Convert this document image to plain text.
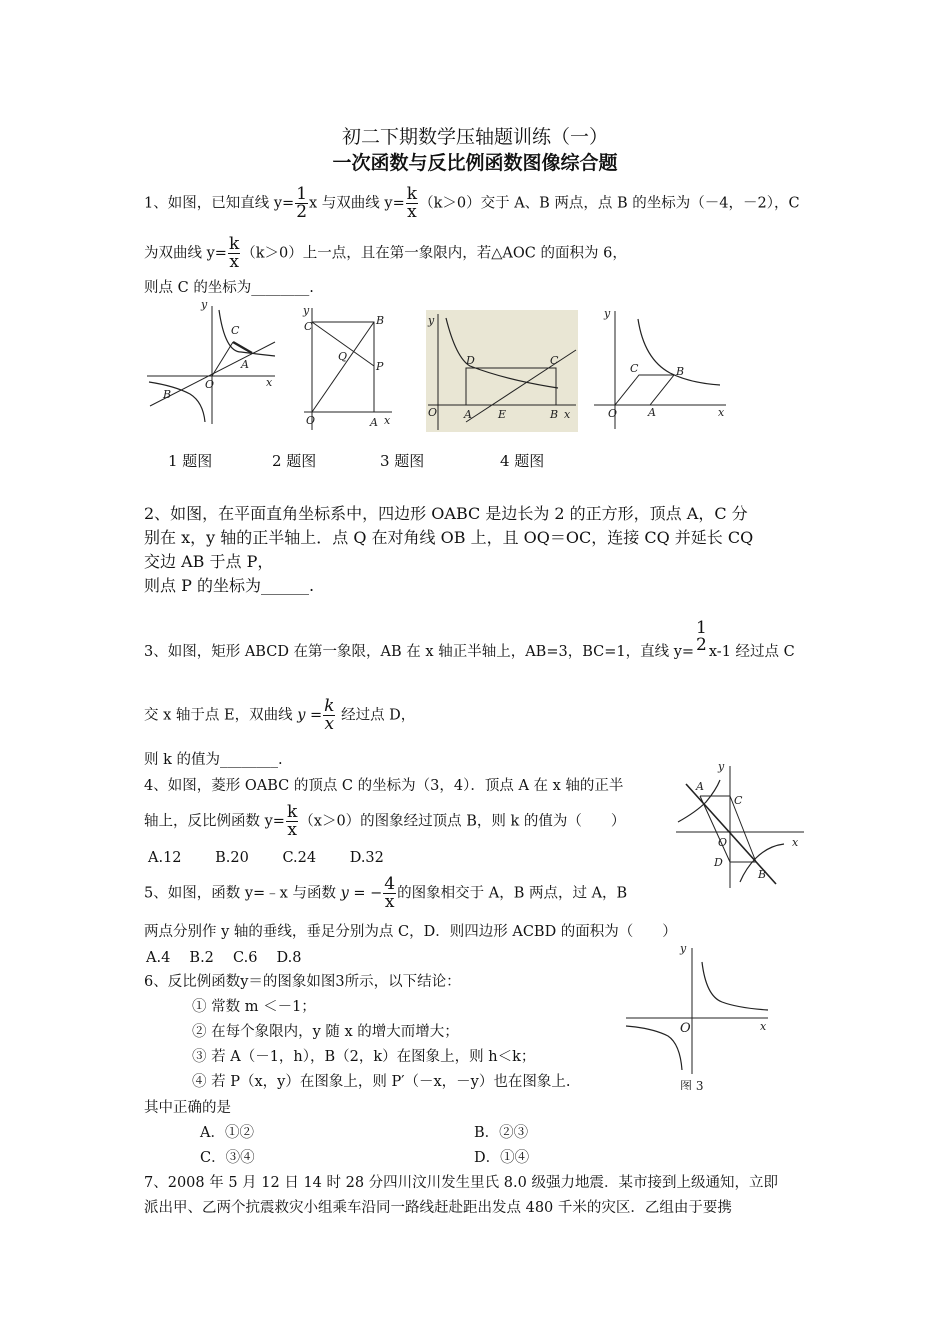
初二下期数学压轴题训练（一）
一次函数与反比例函数图像综合题
1、如图，已知直线 $y= \frac{1}{2}$ x 与双曲线 $y= \frac{k}{x} (k>0)$交于 A、B 两点，点 B 的坐标为（－4，－2），C
为双曲线 $y= \frac{k}{x} (k>0)$上一点，且在第一象限内，若△AOC 的面积为 6，
则点 C 的坐标为________.
y
x
O
C
A
B
y
C	B
P
Q
O	A x
y
D	C
O A E	B x
y
C	B
O	A	x
1 题图	2 题图	3 题图	4 题图
2、如图，在平面直角坐标系中，四边形 OABC 是边长为 2 的正方形，顶点 A，C 分
别在 x，y 轴的正半轴上．点 Q 在对角线 OB 上，且 OQ＝OC，连接 CQ 并延长 CQ
交边 AB 于点 P，
则点 P 的坐标为______.
3、如图，矩形 ABCD 在第一象限，AB 在 x 轴正半轴上，AB=3，BC=1，直线 y=
1
2 x-1 经过点 C
交 x 轴于点 E，双曲线 $y = \frac{k}{x}$ 经过点 D，
则 k 的值为________.
4、如图，菱形 OABC 的顶点 C 的坐标为（3，4）．顶点 A 在 x 轴的正半
轴上，反比例函数 $y= \frac{k}{x} (x>0)$的图象经过顶点 B，则 k 的值为（　　）
A.12　　 B.20　　 C.24　　 D.32
y
A
C
O
D
B
x
5、如图，函数 y=﹣x 与函数 y = − $\frac{4}{x}$ 的图象相交于 A，B 两点，过 A，B
两点分别作 y 轴的垂线，垂足分别为点 C，D．则四边形 ACBD 的面积为（　　）
A.4　 B.2　 C.6　 D.8
y
x
O
图 3
6、反比例函数y＝的图象如图3所示，以下结论：
① 常数 m ＜－1；
② 在每个象限内，y 随 x 的增大而增大；
③ 若 A（－1，h），B（2，k）在图象上，则 h＜k；
④ 若 P（x，y）在图象上，则 P′（－x，－y）也在图象上.
其中正确的是
A．①②	B．②③
C．③④	D．①④
7、2008 年 5 月 12 日 14 时 28 分四川汶川发生里氏 8.0 级强力地震．某市接到上级通知，立即
派出甲、乙两个抗震救灾小组乘车沿同一路线赶赴距出发点 480 千米的灾区．乙组由于要携
